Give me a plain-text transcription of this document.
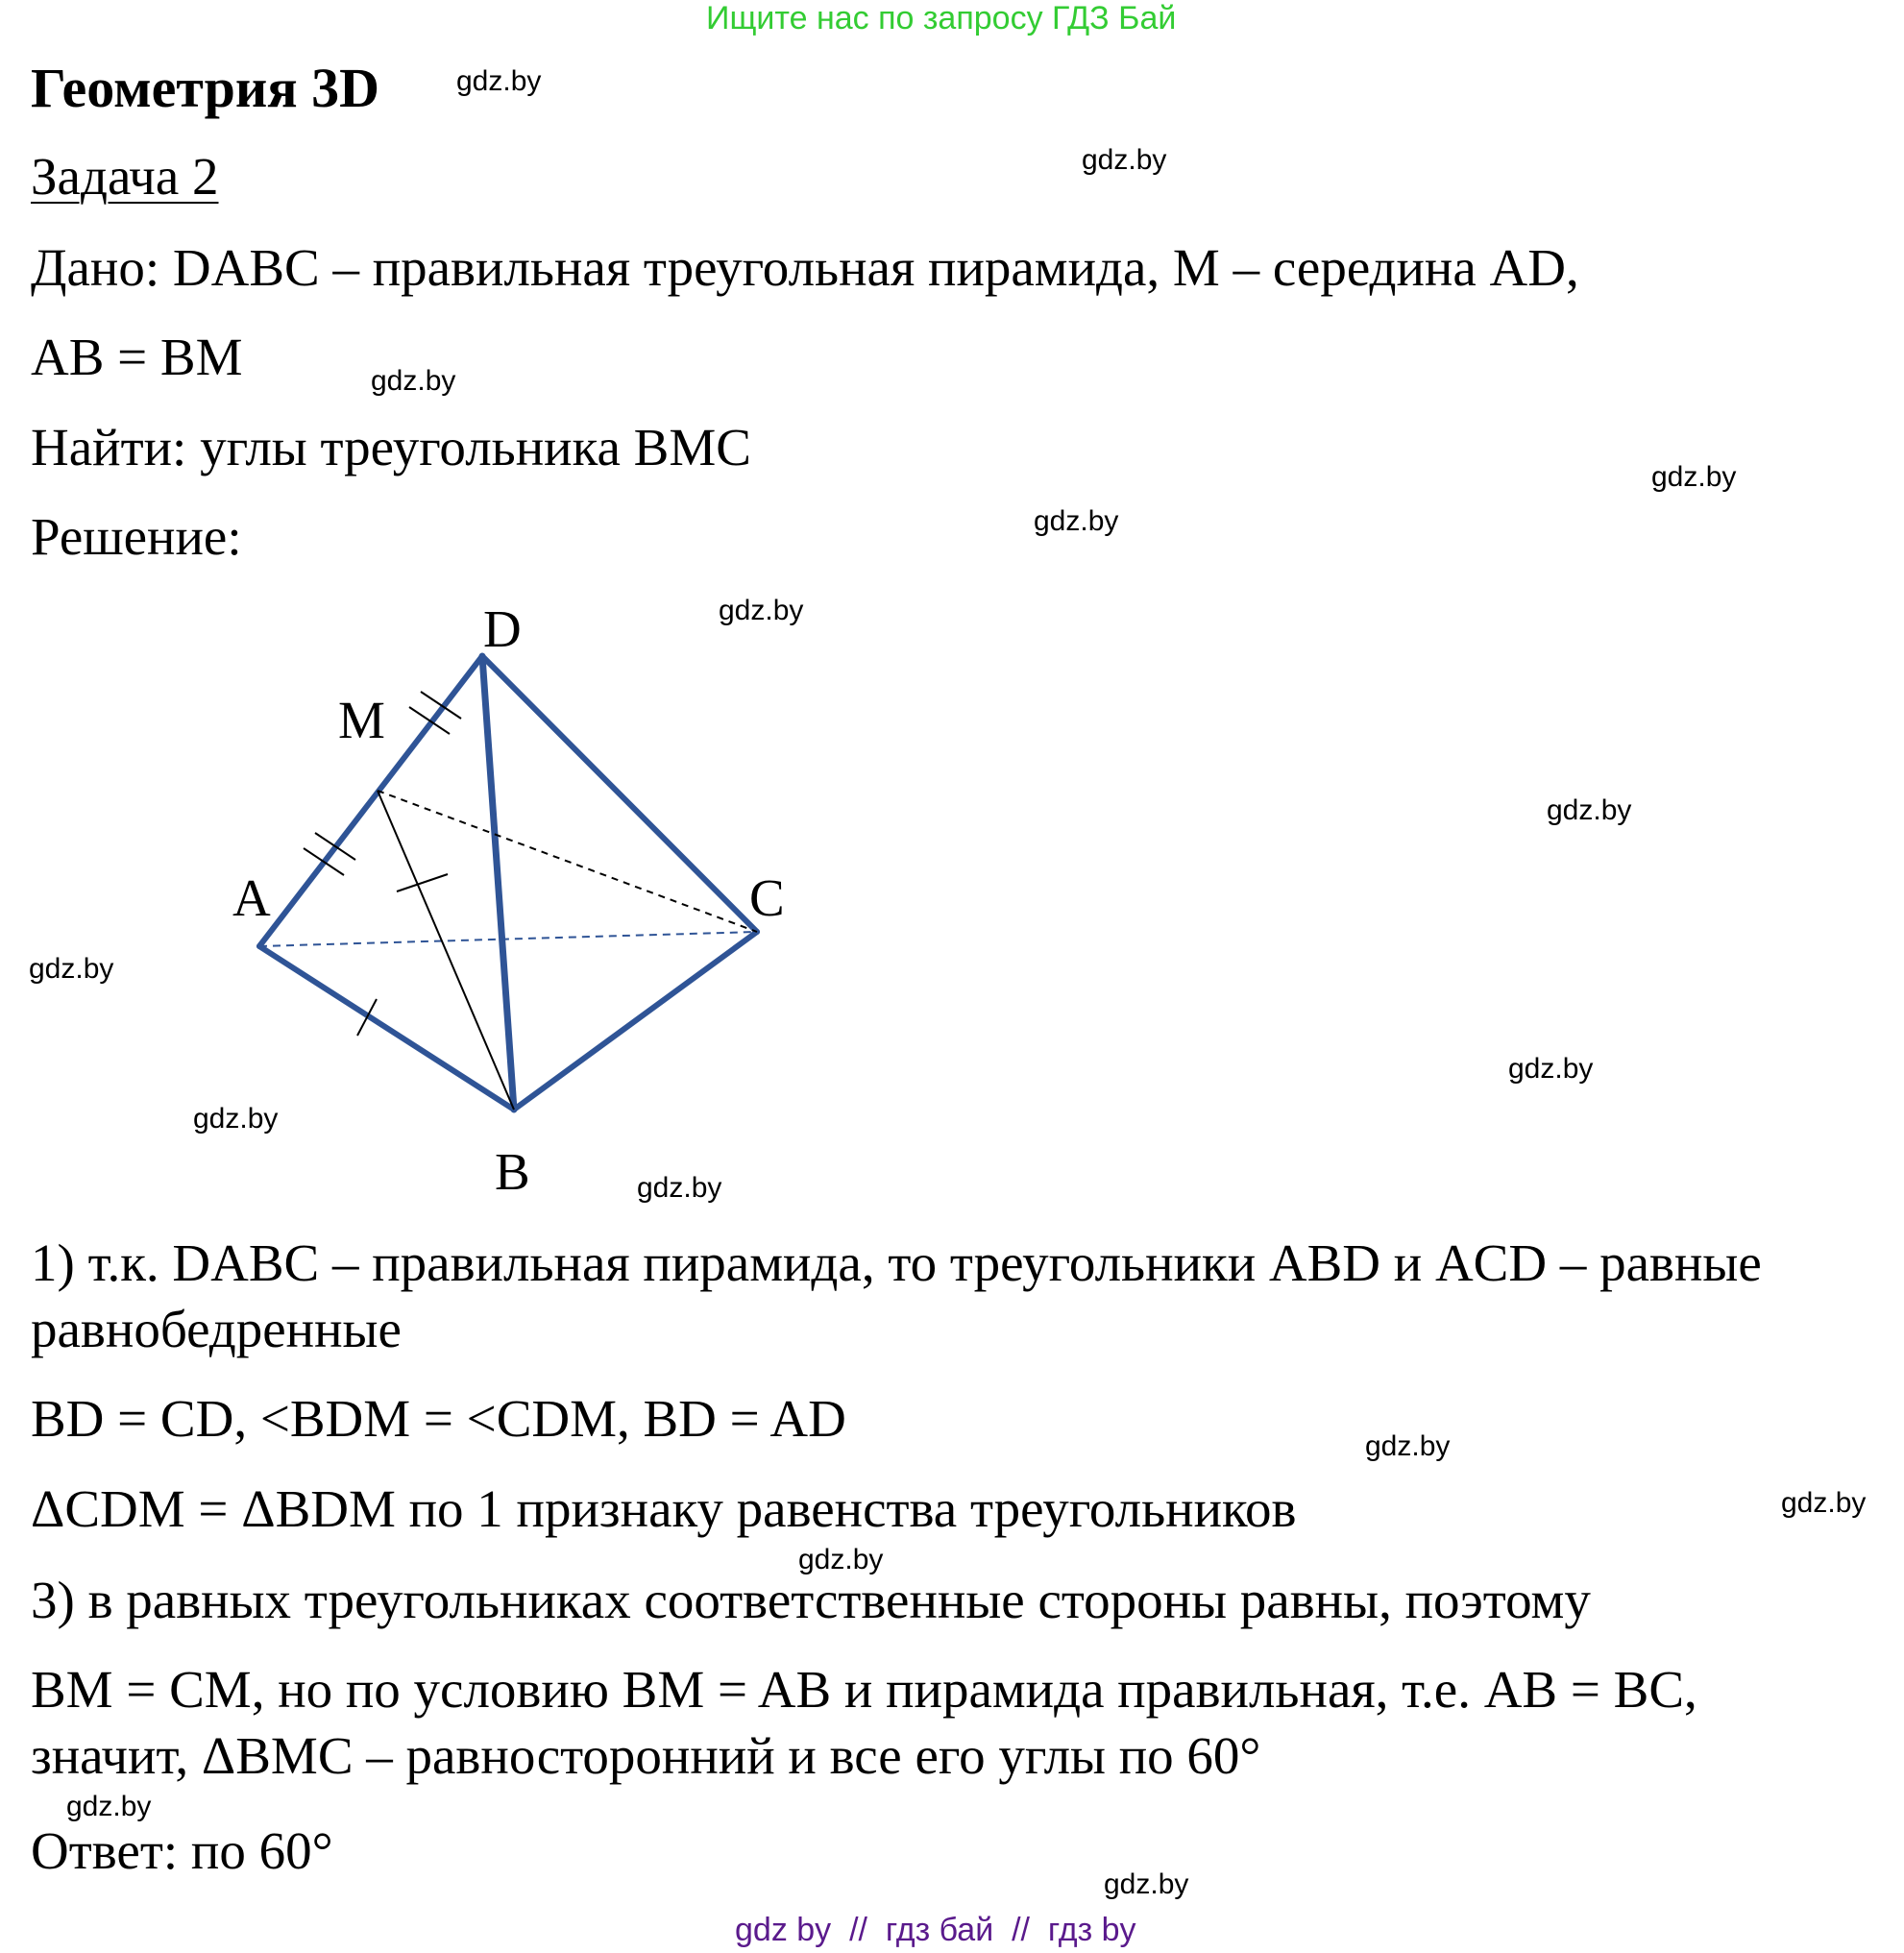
Ищите нас по запросу ГДЗ Бай
Геометрия 3D
Задача 2
Дано: DABC – правильная треугольная пирамида, M – середина AD,
AB = BM
Найти: углы треугольника BMC
Решение:
D
M
A	C
B
1) т.к. DABC – правильная пирамида, то треугольники ABD и ACD – равные
равнобедренные
BD = CD, <BDM = <CDM, BD = AD
ΔCDM = ΔBDM по 1 признаку равенства треугольников
3) в равных треугольниках соответственные стороны равны, поэтому
BM = CM, но по условию BM = AB и пирамида правильная, т.е. AB = BC,
значит, ΔBMC – равносторонний и все его углы по 60°
Ответ: по 60°
gdz.by
gdz.by
gdz.by
gdz.by
gdz.by
gdz.by
gdz.by
gdz.by
gdz.by
gdz.by
gdz.by
gdz.by
gdz.by
gdz.by
gdz.by
gdz.by
gdz by  //  гдз бай  //  гдз by
